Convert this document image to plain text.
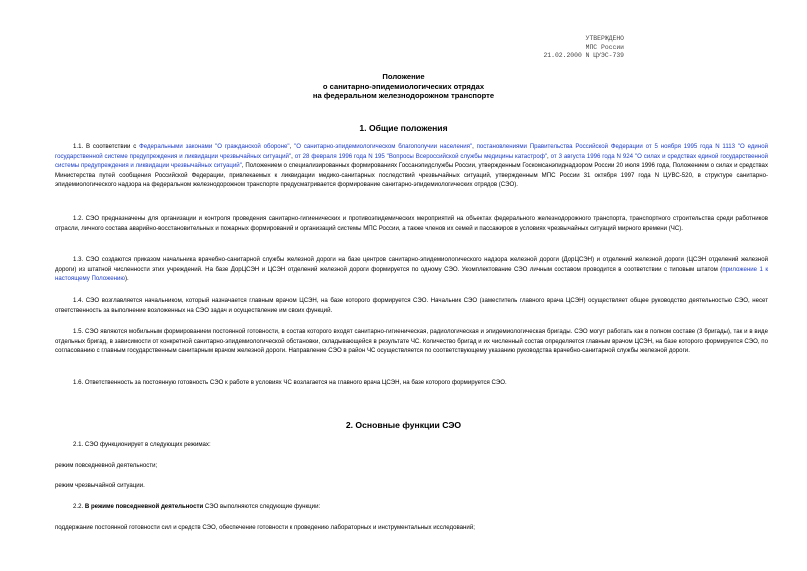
УТВЕРЖДЕНО
МПС России
21.02.2000 N ЦУЭС-739
Положение
о санитарно-эпидемиологических отрядах
на федеральном железнодорожном транспорте
1. Общие положения

1.1. В соответствии с Федеральными законами "О гражданской обороне", "О санитарно-эпидемиологическом благополучии населения", постановлениями Правительства Российской Федерации от 5 ноября 1995 года N 1113 "О единой государственной системе предупреждения и ликвидации чрезвычайных ситуаций", от 28 февраля 1996 года N 195 "Вопросы Всероссийской службы медицины катастроф", от 3 августа 1996 года N 924 "О силах и средствах единой государственной системы предупреждения и ликвидации чрезвычайных ситуаций", Положением о специализированных формированиях Госсанэпидслужбы России, утвержденным Госкомсанэпиднадзором России 20 июля 1996 года, Положением о силах и средствах Министерства путей сообщения Российской Федерации, привлекаемых к ликвидации медико-санитарных последствий чрезвычайных ситуаций, утвержденным МПС России 31 октября 1997 года N ЦУВС-520, в структуре санитарно-эпидемиологического надзора на федеральном железнодорожном транспорте предусматривается формирование санитарно-эпидемиологических отрядов (СЭО).

1.2. СЭО предназначены для организации и контроля проведения санитарно-гигиенических и противоэпидемических мероприятий на объектах федерального железнодорожного транспорта, транспортного строительства среди работников отрасли, личного состава аварийно-восстановительных и пожарных формирований и организаций системы МПС России, а также членов их семей и пассажиров в условиях чрезвычайных ситуаций мирного времени (ЧС).

1.3. СЭО создаются приказом начальника врачебно-санитарной службы железной дороги на базе центров санитарно-эпидемиологического надзора железной дороги (ДорЦСЭН) и отделений железной дороги (ЦСЭН отделений железной дороги) из штатной численности этих учреждений. На базе ДорЦСЭН и ЦСЭН отделений железной дороги формируется по одному СЭО. Укомплектование СЭО личным составом проводится в соответствии с типовым штатом (приложение 1 к настоящему Положению).

1.4. СЭО возглавляется начальником, который назначается главным врачом ЦСЭН, на базе которого формируется СЭО. Начальник СЭО (заместитель главного врача ЦСЭН) осуществляет общее руководство деятельностью СЭО, несет ответственность за выполнение возложенных на СЭО задач и осуществление им своих функций.

1.5. СЭО являются мобильным формированием постоянной готовности, в состав которого входят санитарно-гигиеническая, радиологическая и эпидемиологическая бригады. СЭО могут работать как в полном составе (3 бригады), так и в виде отдельных бригад, в зависимости от конкретной санитарно-эпидемиологической обстановки, складывающейся в результате ЧС. Количество бригад и их численный состав определяется главным врачом ЦСЭН, на базе которого формируется СЭО, по согласованию с главным государственным санитарным врачом железной дороги. Направление СЭО в район ЧС осуществляется по соответствующему указанию руководства врачебно-санитарной службы железной дороги.

1.6. Ответственность за постоянную готовность СЭО к работе в условиях ЧС возлагается на главного врача ЦСЭН, на базе которого формируется СЭО.

2. Основные функции СЭО

2.1. СЭО функционирует в следующих режимах:

режим повседневной деятельности;

режим чрезвычайной ситуации.

2.2. В режиме повседневной деятельности СЭО выполняются следующие функции:

поддержание постоянной готовности сил и средств СЭО, обеспечение готовности к проведению лабораторных и инструментальных исследований;
